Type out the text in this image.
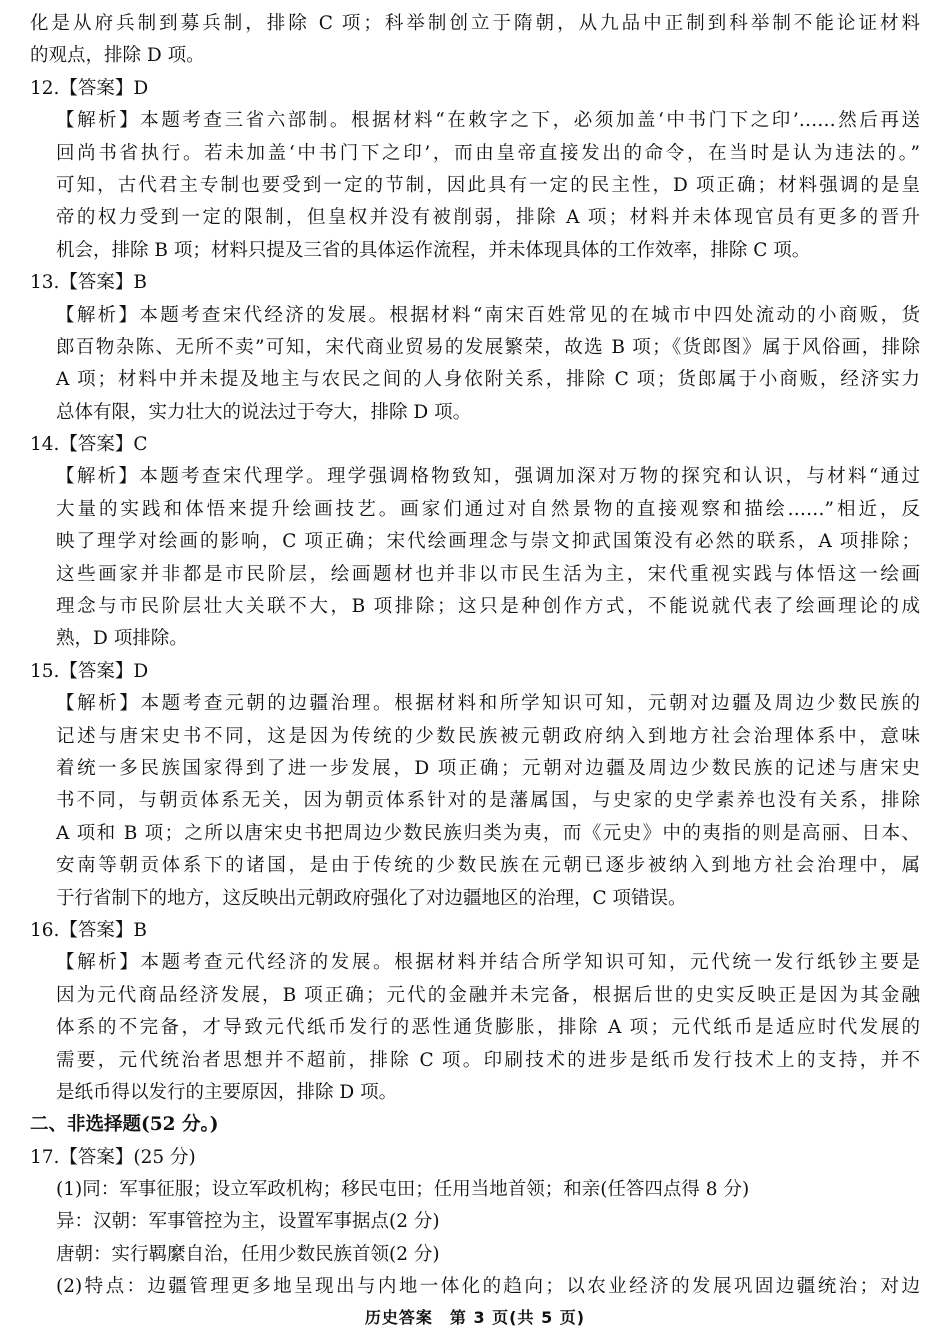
化是从府兵制到募兵制，排除 C 项；科举制创立于隋朝，从九品中正制到科举制不能论证材料
的观点，排除 D 项。
12.【答案】D
【解析】本题考查三省六部制。根据材料“在敕字之下，必须加盖‘中书门下之印’……然后再送
回尚书省执行。若未加盖‘中书门下之印’，而由皇帝直接发出的命令，在当时是认为违法的。”
可知，古代君主专制也要受到一定的节制，因此具有一定的民主性，D 项正确；材料强调的是皇
帝的权力受到一定的限制，但皇权并没有被削弱，排除 A 项；材料并未体现官员有更多的晋升
机会，排除 B 项；材料只提及三省的具体运作流程，并未体现具体的工作效率，排除 C 项。
13.【答案】B
【解析】本题考查宋代经济的发展。根据材料“南宋百姓常见的在城市中四处流动的小商贩，货
郎百物杂陈、无所不卖”可知，宋代商业贸易的发展繁荣，故选 B 项；《货郎图》属于风俗画，排除
A 项；材料中并未提及地主与农民之间的人身依附关系，排除 C 项；货郎属于小商贩，经济实力
总体有限，实力壮大的说法过于夸大，排除 D 项。
14.【答案】C
【解析】本题考查宋代理学。理学强调格物致知，强调加深对万物的探究和认识，与材料“通过
大量的实践和体悟来提升绘画技艺。画家们通过对自然景物的直接观察和描绘……”相近，反
映了理学对绘画的影响，C 项正确；宋代绘画理念与崇文抑武国策没有必然的联系，A 项排除；
这些画家并非都是市民阶层，绘画题材也并非以市民生活为主，宋代重视实践与体悟这一绘画
理念与市民阶层壮大关联不大，B 项排除；这只是种创作方式，不能说就代表了绘画理论的成
熟，D 项排除。
15.【答案】D
【解析】本题考查元朝的边疆治理。根据材料和所学知识可知，元朝对边疆及周边少数民族的
记述与唐宋史书不同，这是因为传统的少数民族被元朝政府纳入到地方社会治理体系中，意味
着统一多民族国家得到了进一步发展，D 项正确；元朝对边疆及周边少数民族的记述与唐宋史
书不同，与朝贡体系无关，因为朝贡体系针对的是藩属国，与史家的史学素养也没有关系，排除
A 项和 B 项；之所以唐宋史书把周边少数民族归类为夷，而《元史》中的夷指的则是高丽、日本、
安南等朝贡体系下的诸国，是由于传统的少数民族在元朝已逐步被纳入到地方社会治理中，属
于行省制下的地方，这反映出元朝政府强化了对边疆地区的治理，C 项错误。
16.【答案】B
【解析】本题考查元代经济的发展。根据材料并结合所学知识可知，元代统一发行纸钞主要是
因为元代商品经济发展，B 项正确；元代的金融并未完备，根据后世的史实反映正是因为其金融
体系的不完备，才导致元代纸币发行的恶性通货膨胀，排除 A 项；元代纸币是适应时代发展的
需要，元代统治者思想并不超前，排除 C 项。印刷技术的进步是纸币发行技术上的支持，并不
是纸币得以发行的主要原因，排除 D 项。
二、非选择题(52 分。)
17.【答案】(25 分)
(1)同：军事征服；设立军政机构；移民屯田；任用当地首领；和亲(任答四点得 8 分)
异：汉朝：军事管控为主，设置军事据点(2 分)
唐朝：实行羁縻自治，任用少数民族首领(2 分)
(2)特点：边疆管理更多地呈现出与内地一体化的趋向；以农业经济的发展巩固边疆统治；对边
历史答案　第 3 页(共 5 页)
